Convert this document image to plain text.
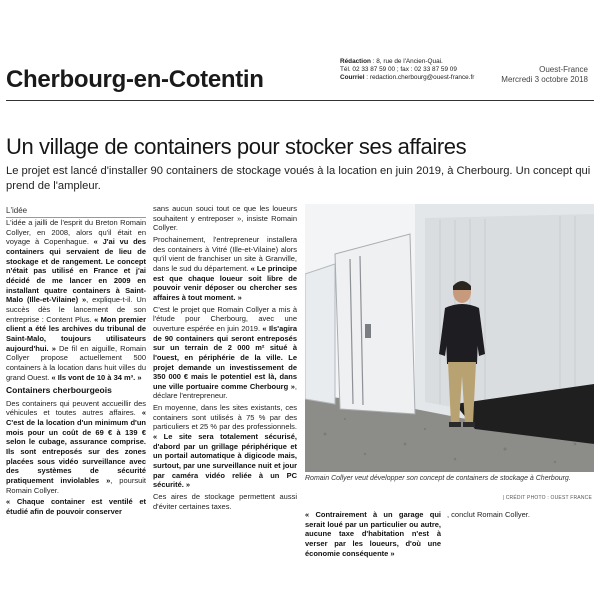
Cherbourg-en-Cotentin
Rédaction : 8, rue de l'Ancien-Quai.
Tél. 02 33 87 59 00 ; fax : 02 33 87 59 09
Courriel : redaction.cherbourg@ouest-france.fr
Ouest-France
Mercredi 3 octobre 2018
Un village de containers pour stocker ses affaires
Le projet est lancé d'installer 90 containers de stockage voués à la location en juin 2019, à Cherbourg. Un concept qui prend de l'ampleur.
L'idée

L'idée a jailli de l'esprit du Breton Romain Collyer, en 2008, alors qu'il était en voyage à Copenhague. « J'ai vu des containers qui servaient de lieu de stockage et de rangement. Le concept n'était pas utilisé en France et j'ai décidé de me lancer en 2009 en installant quatre containers à Saint-Malo (Ille-et-Vilaine) », explique-t-il. Un succès dès le lancement de son entreprise : Content Plus. « Mon premier client a été les archives du tribunal de Saint-Malo, toujours utilisateurs aujourd'hui. » De fil en aiguille, Romain Collyer propose actuellement 500 containers à la location dans huit villes du grand Ouest. « Ils vont de 10 à 34 m³. »

Containers cherbourgeois

Des containers qui peuvent accueillir des véhicules et toutes autres affaires. « C'est de la location d'un minimum d'un mois pour un coût de 69 € à 139 € selon le cubage, assurance comprise. Ils sont entreposés sur des zones placées sous vidéo surveillance avec des systèmes de sécurité pratiquement inviolables », poursuit Romain Collyer.

« Chaque container est ventilé et étudié afin de pouvoir conserver

sans aucun souci tout ce que les loueurs souhaitent y entreposer », insiste Romain Collyer.

Prochainement, l'entrepreneur installera des containers à Vitré (Ille-et-Vilaine) alors qu'il vient de franchiser un site à Granville, dans le sud du département. « Le principe est que chaque loueur soit libre de pouvoir venir déposer ou chercher ses affaires à tout moment. »

C'est le projet que Romain Collyer a mis à l'étude pour Cherbourg, avec une ouverture espérée en juin 2019. « Ils'agira de 90 containers qui seront entreposés sur un terrain de 2 000 m² situé à l'ouest, en périphérie de la ville. Le projet demande un investissement de 350 000 € mais le potentiel est là, dans une ville portuaire comme Cherbourg », déclare l'entrepreneur.

En moyenne, dans les sites existants, ces containers sont utilisés à 75 % par des particuliers et 25 % par des professionnels. « Le site sera totalement sécurisé, d'abord par un grillage périphérique et un portail automatique à digicode mais, surtout, par une surveillance nuit et jour par caméra vidéo reliée à un PC sécurité. »

Ces aires de stockage permettent aussi d'éviter certaines taxes.

Romain Collyer veut développer son concept de containers de stockage à Cherbourg.
| CRÉDIT PHOTO : OUEST FRANCE

« Contrairement à un garage qui serait loué par un particulier ou autre, aucune taxe d'habitation n'est à verser par les loueurs, d'où une économie conséquente »

, conclut Romain Collyer.
